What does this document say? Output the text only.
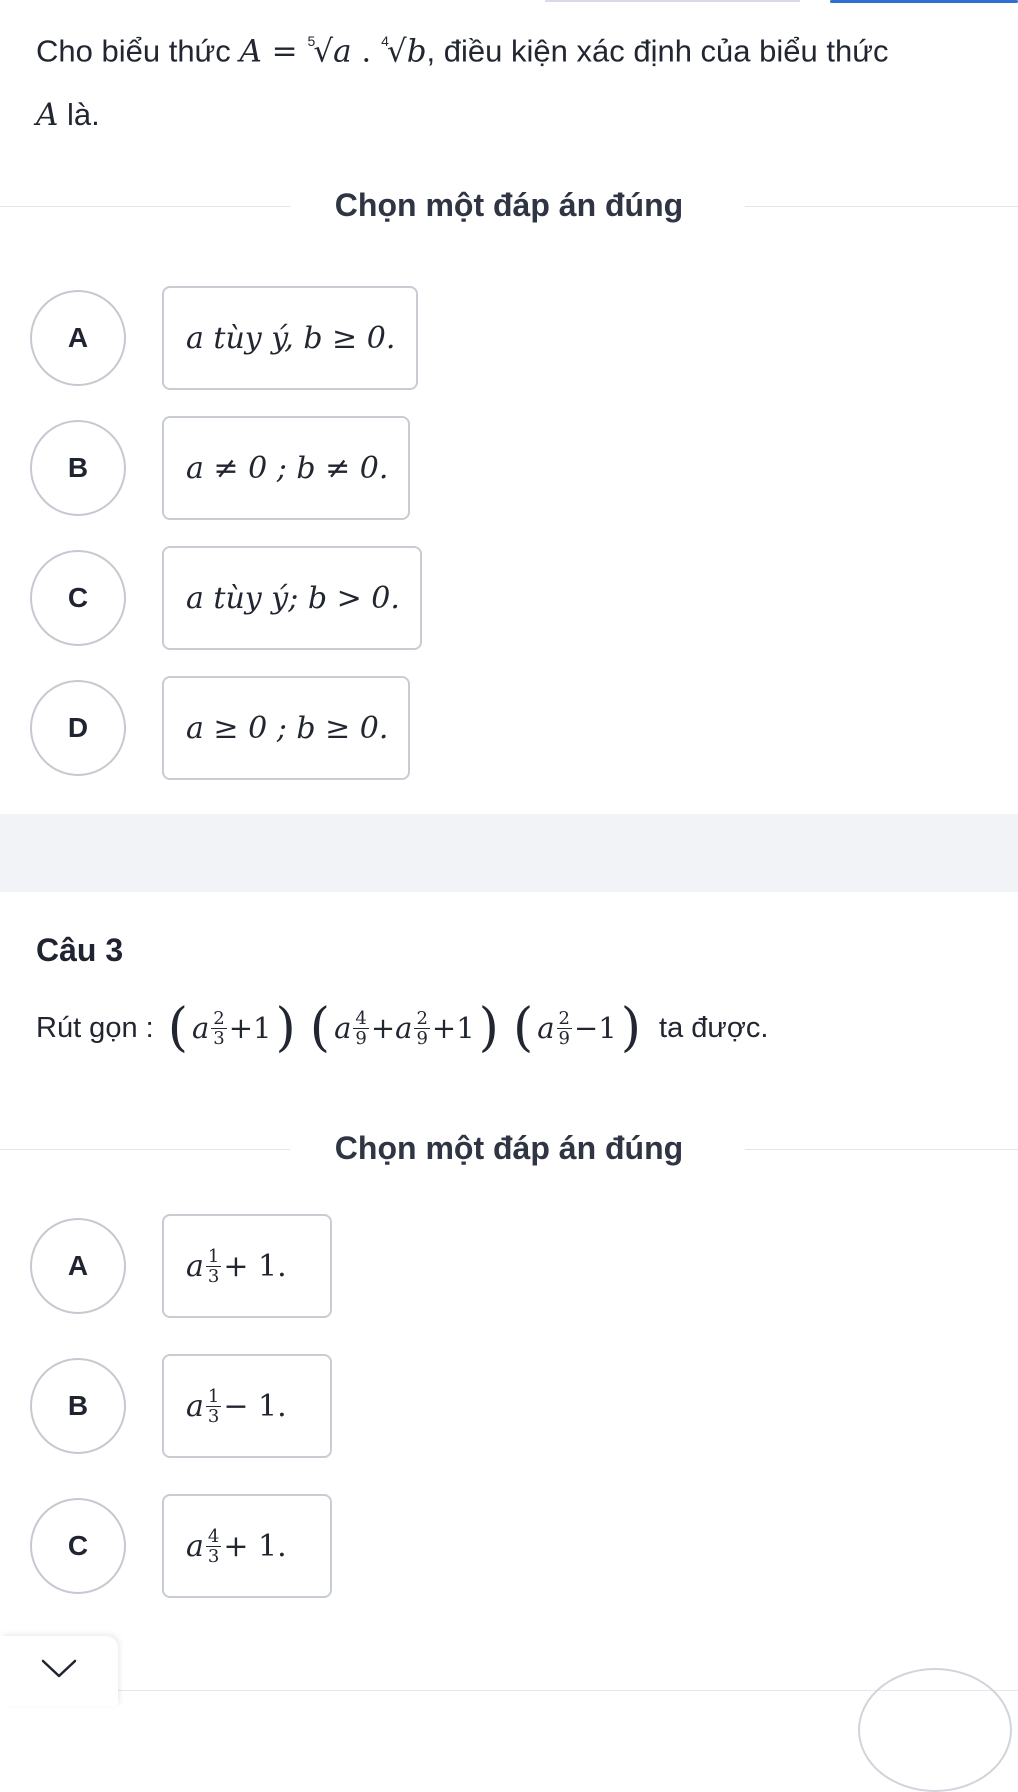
Cho biểu thức A = $^5$√a . $^4$√b, điều kiện xác định của biểu thức
A là.
Chọn một đáp án đúng
A	a tùy ý, b ≥ 0.
B	a ≠ 0 ; b ≠ 0.
C	a tùy ý; b > 0.
D	a ≥ 0 ; b ≥ 0.
Câu 3
Rút gọn : ( a $\frac{2}{3} +1$ ) ( a $\frac{4}{9} + a \frac{2}{9} +1$ ) ( a $\frac{2}{9} -1$ ) ta được.
Chọn một đáp án đúng
A	a $\frac{1}{3} + 1$.
B	a $\frac{1}{3} - 1$.
C	a $\frac{4}{3} + 1$.
